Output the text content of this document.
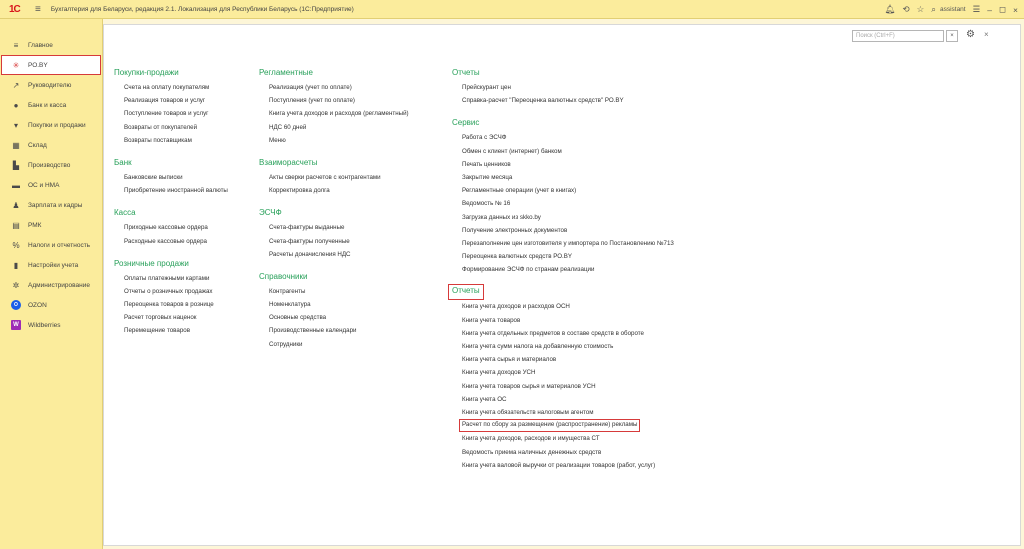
1С	≡ Бухгалтерия для Беларуси, редакция 2.1. Локализация для Республики Беларусь (1С:Предприятие)	🔔︎ ⟲ ☆ ⌕ assistant ☰ – ◻ ×
≡	Главное
✳ РО.BY
↗ Руководителю
●	Банк и касса
▾	Покупки и продажи
▦ Склад
▙ Производство
▬ ОС и НМА
♟ Зарплата и кадры
▤ РМК
% Налоги и отчетность
▮	Настройки учета
✲ Администрирование
O	OZON
W	Wildberries
Поиск (Ctrl+F)	×	⚙ ×
Покупки-продажи
Счета на оплату покупателям
Реализация товаров и услуг
Поступление товаров и услуг
Возвраты от покупателей
Возвраты поставщикам
Банк
Банковские выписки
Приобретение иностранной валюты
Касса
Приходные кассовые ордера
Расходные кассовые ордера
Розничные продажи
Оплаты платежными картами
Отчеты о розничных продажах
Переоценка товаров в рознице
Расчет торговых наценок
Перемещение товаров
Регламентные
Реализация (учет по оплате)
Поступления (учет по оплате)
Книга учета доходов и расходов (регламентный)
НДС 60 дней
Меню
Взаиморасчеты
Акты сверки расчетов с контрагентами
Корректировка долга
ЭСЧФ
Счета-фактуры выданные
Счета-фактуры полученные
Расчеты доначисления НДС
Справочники
Контрагенты
Номенклатура
Основные средства
Производственные календари
Сотрудники
Отчеты
Прейскурант цен
Справка-расчет "Переоценка валютных средств" РО.BY
Сервис
Работа с ЭСЧФ
Обмен с клиент (интернет) банком
Печать ценников
Закрытие месяца
Регламентные операции (учет в книгах)
Ведомость № 16
Загрузка данных из skko.by
Получение электронных документов
Перезаполнение цен изготовителя у импортера по Постановлению №713
Переоценка валютных средств РО.BY
Формирование ЭСЧФ по странам реализации
Отчеты
Книга учета доходов и расходов ОСН
Книга учета товаров
Книга учета отдельных предметов в составе средств в обороте
Книга учета сумм налога на добавленную стоимость
Книга учета сырья и материалов
Книга учета доходов УСН
Книга учета товаров сырья и материалов УСН
Книга учета ОС
Книга учета обязательств налоговым агентом
Расчет по сбору за размещение (распространение) рекламы
Книга учета доходов, расходов и имущества СТ
Ведомость приема наличных денежных средств
Книга учета валовой выручки от реализации товаров (работ, услуг)
